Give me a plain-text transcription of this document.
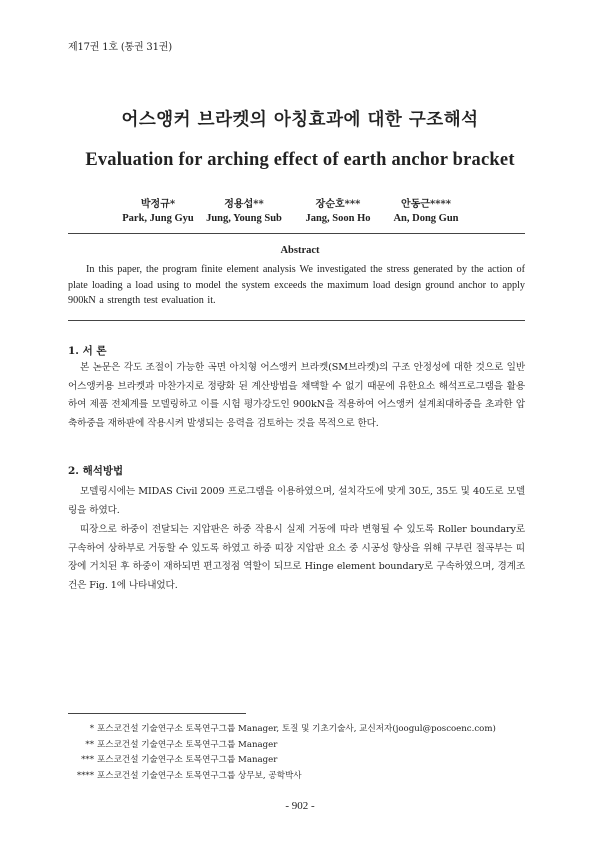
제17권 1호 (통권 31권)
어스앵커 브라켓의 아칭효과에 대한 구조해석
Evaluation for arching effect of earth anchor bracket
박정규*
Park, Jung Gyu
정용섭**
Jung, Young Sub
장순호***
Jang, Soon Ho
안동근****
An, Dong Gun
Abstract
In this paper, the program finite element analysis We investigated the stress generated by the action of plate loading a load using to model the system exceeds the maximum load design ground anchor to apply 900kN a strength test evaluation it.
1. 서 론
본 논문은 각도 조절이 가능한 곡면 아치형 어스앵커 브라켓(SM브라켓)의 구조 안정성에 대한 것으로 일반 어스앵커용 브라켓과 마찬가지로 정량화 된 계산방법을 채택할 수 없기 때문에 유한요소 해석프로그램을 활용하여 제품 전체계를 모델링하고 이를 시험 평가강도인 900kN을 적용하여 어스앵커 설계최대하중을 초과한 압축하중을 재하판에 작용시켜 발생되는 응력을 검토하는 것을 목적으로 한다.
2. 해석방법
모델링시에는 MIDAS Civil 2009 프로그램을 이용하였으며, 설치각도에 맞게 30도, 35도 및 40도로 모델링을 하였다.
띠장으로 하중이 전달되는 지압판은 하중 작용시 실제 거동에 따라 변형될 수 있도록 Roller boundary로 구속하여 상하부로 거동할 수 있도록 하였고 하중 띠장 지압판 요소 중 시공성 향상을 위해 구부린 절곡부는 띠장에 거치된 후 하중이 재하되면 편고정점 역할이 되므로 Hinge element boundary로 구속하였으며, 경계조건은 Fig. 1에 나타내었다.
* 포스코건설 기술연구소 토목연구그룹 Manager, 토질 및 기초기술사, 교신저자(joogul@poscoenc.com)
** 포스코건설 기술연구소 토목연구그룹 Manager
*** 포스코건설 기술연구소 토목연구그룹 Manager
**** 포스코건설 기술연구소 토목연구그룹 상무보, 공학박사
- 902 -
